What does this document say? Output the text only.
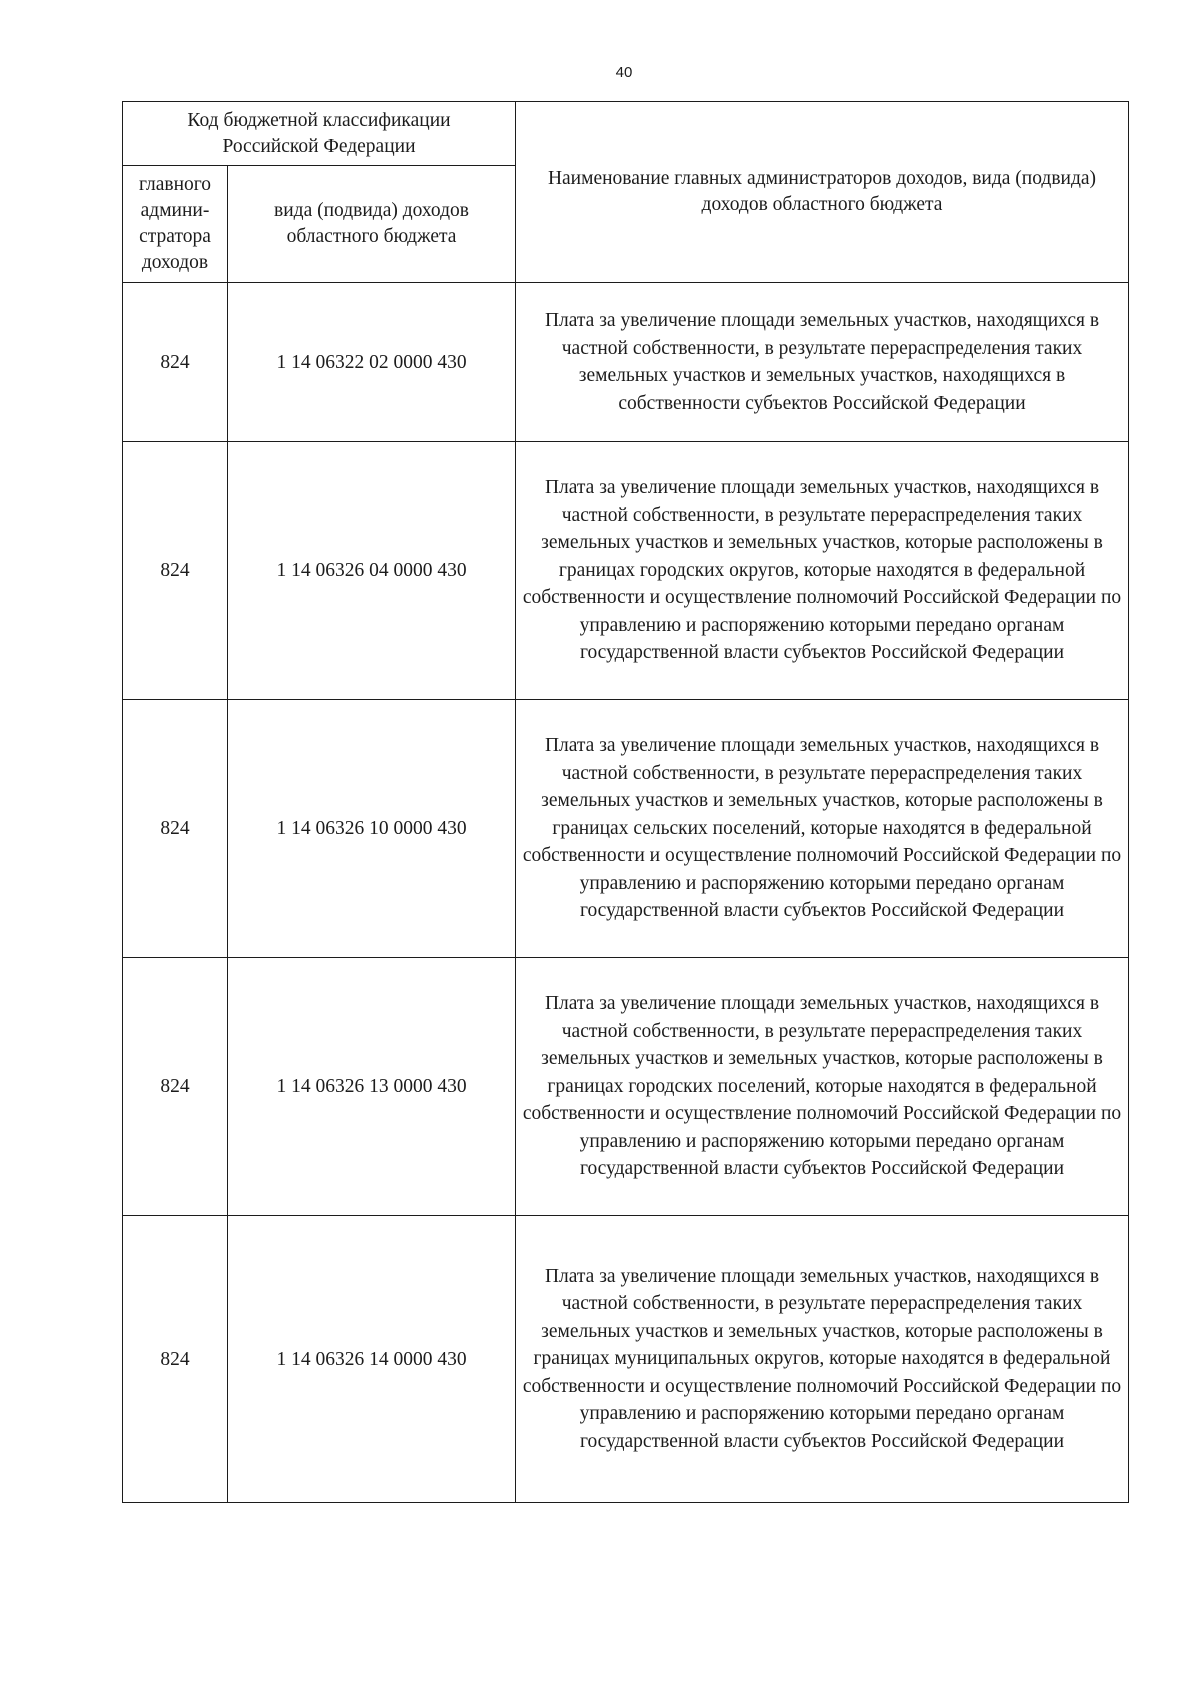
40
Код бюджетной классификации Российской Федерации		Наименование главных администраторов доходов, вида (подвида) доходов областного бюджета
главного админи-стратора доходов	вида (подвида) доходов областного бюджета	
824	1 14 06322 02 0000 430	Плата за увеличение площади земельных участков, находящихся в частной собственности, в результате перераспределения таких земельных участков и земельных участков, находящихся в собственности субъектов Российской Федерации
824	1 14 06326 04 0000 430	Плата за увеличение площади земельных участков, находящихся в частной собственности, в результате перераспределения таких земельных участков и земельных участков, которые расположены в границах городских округов, которые находятся в федеральной собственности и осуществление полномочий Российской Федерации по управлению и распоряжению которыми передано органам государственной власти субъектов Российской Федерации
824	1 14 06326 10 0000 430	Плата за увеличение площади земельных участков, находящихся в частной собственности, в результате перераспределения таких земельных участков и земельных участков, которые расположены в границах сельских поселений, которые находятся в федеральной собственности и осуществление полномочий Российской Федерации по управлению и распоряжению которыми передано органам государственной власти субъектов Российской Федерации
824	1 14 06326 13 0000 430	Плата за увеличение площади земельных участков, находящихся в частной собственности, в результате перераспределения таких земельных участков и земельных участков, которые расположены в границах городских поселений, которые находятся в федеральной собственности и осуществление полномочий Российской Федерации по управлению и распоряжению которыми передано органам государственной власти субъектов Российской Федерации
824	1 14 06326 14 0000 430	Плата за увеличение площади земельных участков, находящихся в частной собственности, в результате перераспределения таких земельных участков и земельных участков, которые расположены в границах муниципальных округов, которые находятся в федеральной собственности и осуществление полномочий Российской Федерации по управлению и распоряжению которыми передано органам государственной власти субъектов Российской Федерации
